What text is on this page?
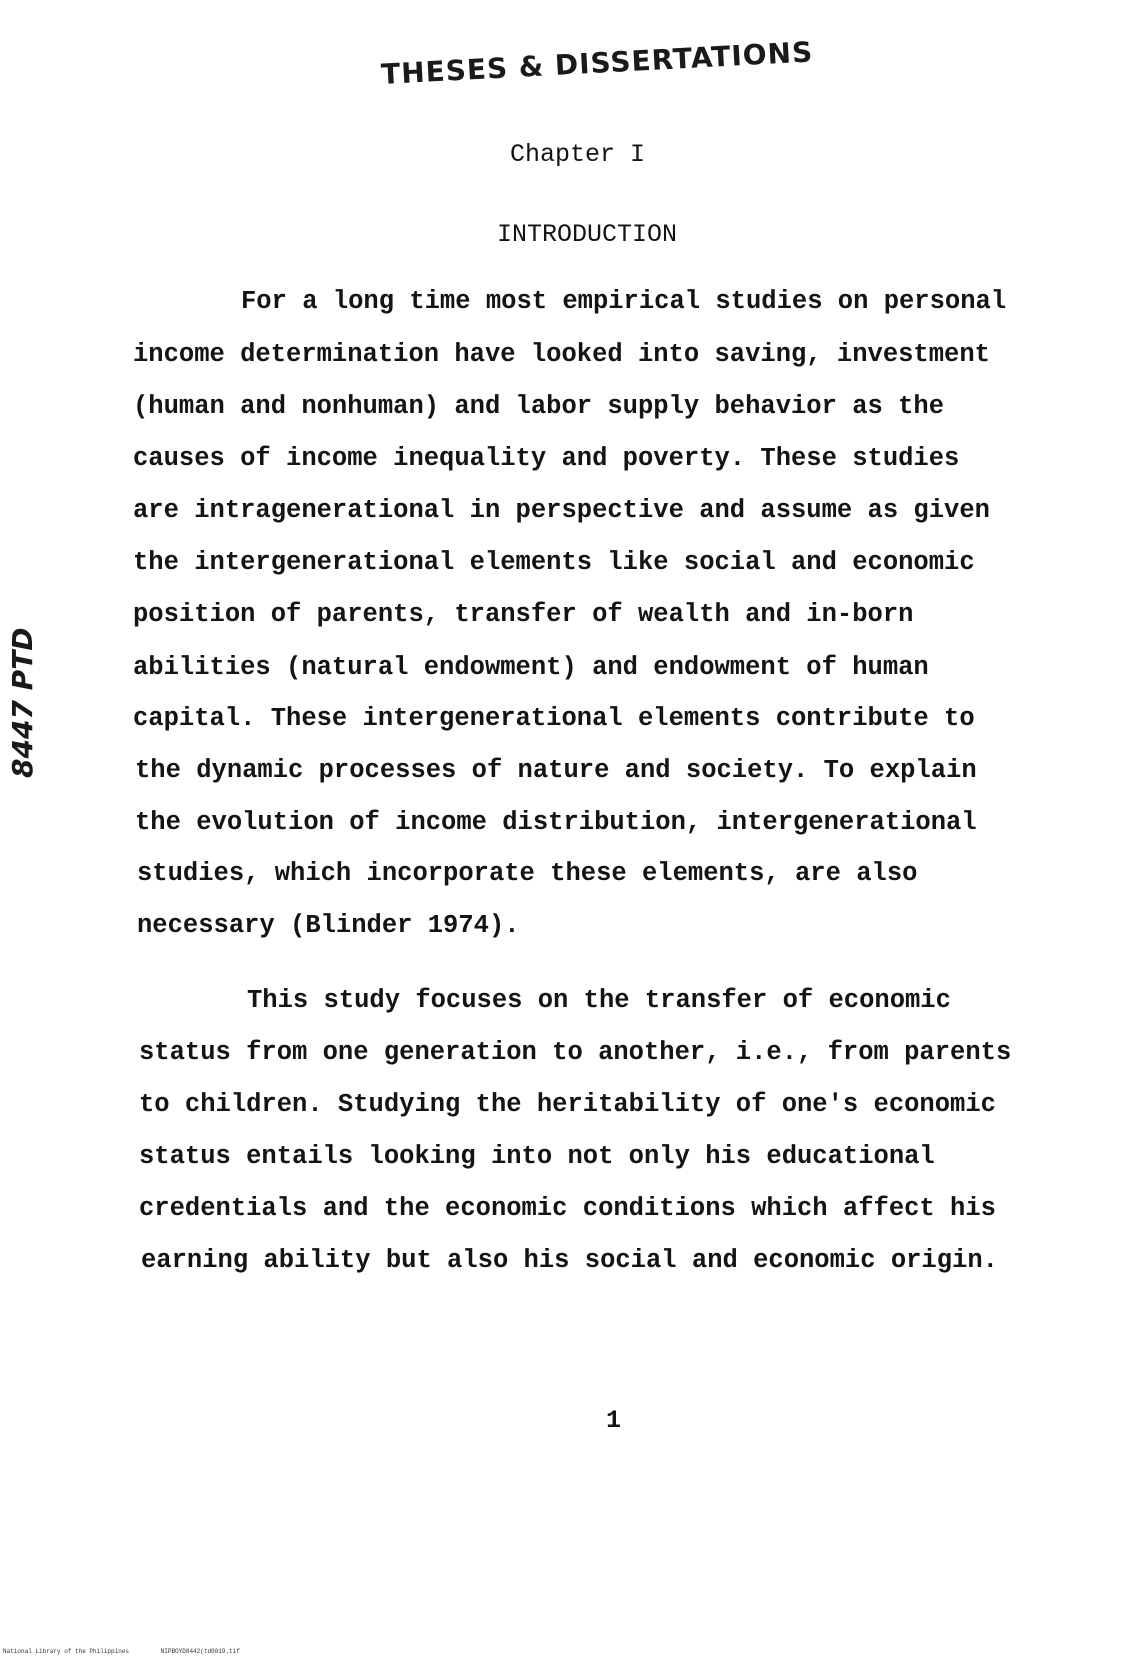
THESES & DISSERTATIONS
Chapter I
INTRODUCTION
For a long time most empirical studies on personal
income determination have looked into saving, investment
(human and nonhuman) and labor supply behavior as the
causes of income inequality and poverty. These studies
are intragenerational in perspective and assume as given
the intergenerational elements like social and economic
position of parents, transfer of wealth and in-born
abilities (natural endowment) and endowment of human
capital. These intergenerational elements contribute to
the dynamic processes of nature and society. To explain
the evolution of income distribution, intergenerational
studies, which incorporate these elements, are also
necessary (Blinder 1974).
This study focuses on the transfer of economic
status from one generation to another, i.e., from parents
to children. Studying the heritability of one's economic
status entails looking into not only his educational
credentials and the economic conditions which affect his
earning ability but also his social and economic origin.
8447 PTD
1
National Library of the Philippines	NIPBOYD8442(td0019.tif
